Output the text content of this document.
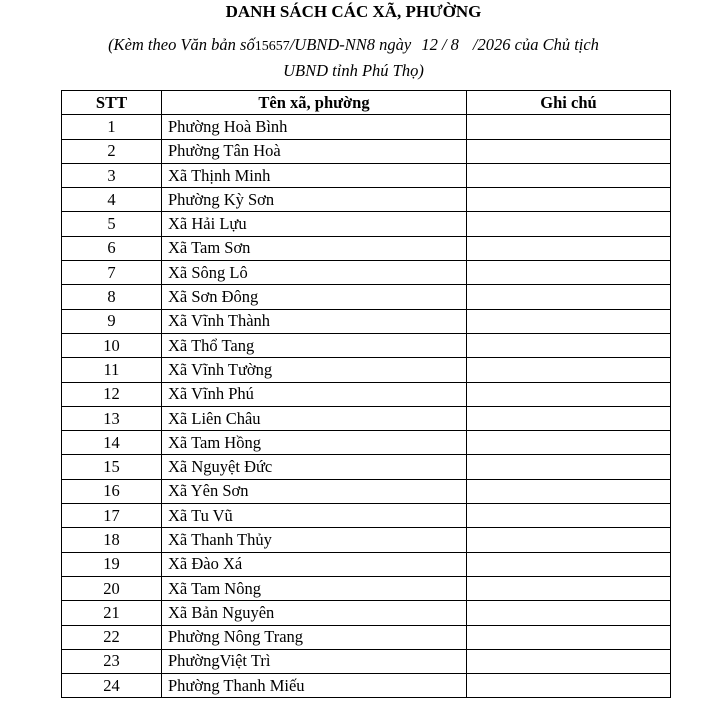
DANH SÁCH CÁC XÃ, PHƯỜNG
(Kèm theo Văn bản số15657/UBND-NN8 ngày 12 / 8 /2026 của Chủ tịch
UBND tỉnh Phú Thọ)
STT	Tên xã, phường	Ghi chú
1	Phường Hoà Bình	
2	Phường Tân Hoà	
3	Xã Thịnh Minh	
4	Phường Kỳ Sơn	
5	Xã Hải Lựu	
6	Xã Tam Sơn	
7	Xã Sông Lô	
8	Xã Sơn Đông	
9	Xã Vĩnh Thành	
10	Xã Thổ Tang	
11	Xã Vĩnh Tường	
12	Xã Vĩnh Phú	
13	Xã Liên Châu	
14	Xã Tam Hồng	
15	Xã Nguyệt Đức	
16	Xã Yên Sơn	
17	Xã Tu Vũ	
18	Xã Thanh Thủy	
19	Xã Đào Xá	
20	Xã Tam Nông	
21	Xã Bản Nguyên	
22	Phường Nông Trang	
23	PhườngViệt Trì	
24	Phường Thanh Miếu	
